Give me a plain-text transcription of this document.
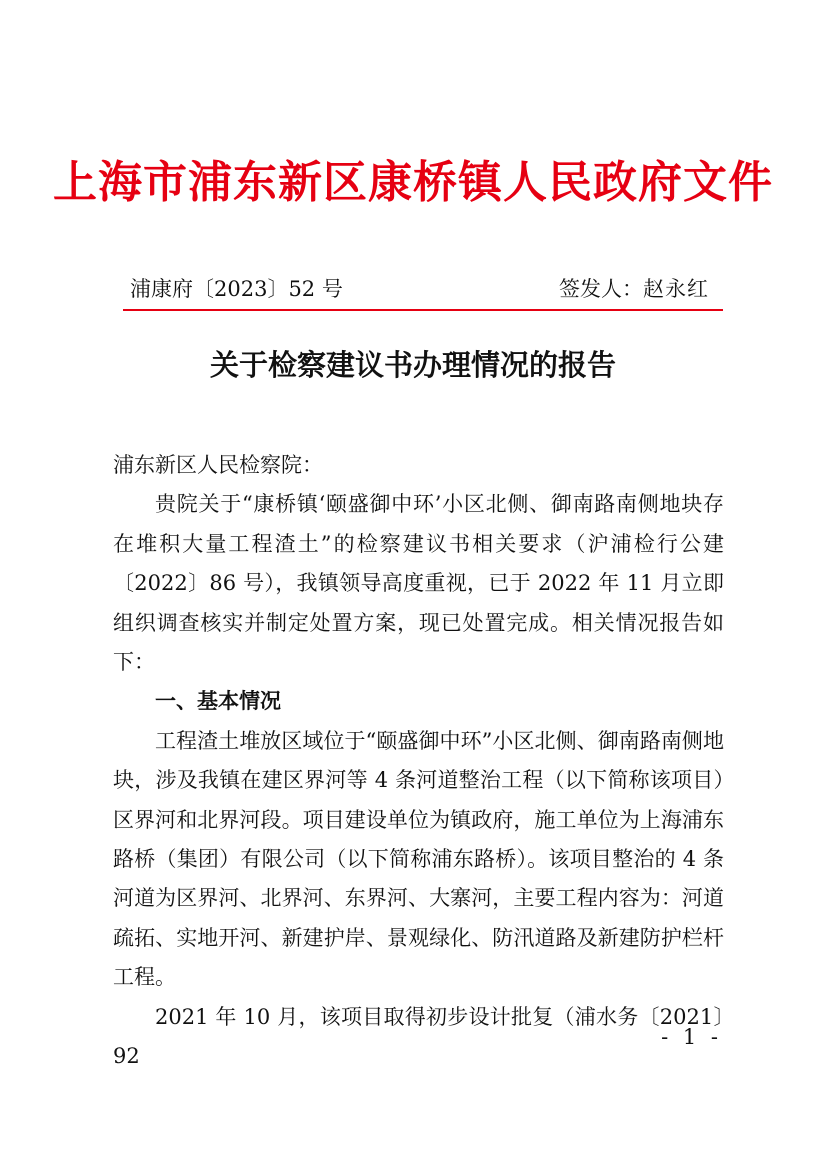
上海市浦东新区康桥镇人民政府文件
浦康府〔2023〕52 号	签发人：赵永红
关于检察建议书办理情况的报告

浦东新区人民检察院：

贵院关于“康桥镇‘颐盛御中环’小区北侧、御南路南侧地块存在堆积大量工程渣土”的检察建议书相关要求（沪浦检行公建〔2022〕86 号），我镇领导高度重视，已于 2022 年 11 月立即组织调查核实并制定处置方案，现已处置完成。相关情况报告如下：

一、基本情况

工程渣土堆放区域位于“颐盛御中环”小区北侧、御南路南侧地块，涉及我镇在建区界河等 4 条河道整治工程（以下简称该项目）区界河和北界河段。项目建设单位为镇政府，施工单位为上海浦东路桥（集团）有限公司（以下简称浦东路桥）。该项目整治的 4 条河道为区界河、北界河、东界河、大寨河，主要工程内容为：河道疏拓、实地开河、新建护岸、景观绿化、防汛道路及新建防护栏杆工程。

2021 年 10 月，该项目取得初步设计批复（浦水务〔2021〕92

- 1 -
